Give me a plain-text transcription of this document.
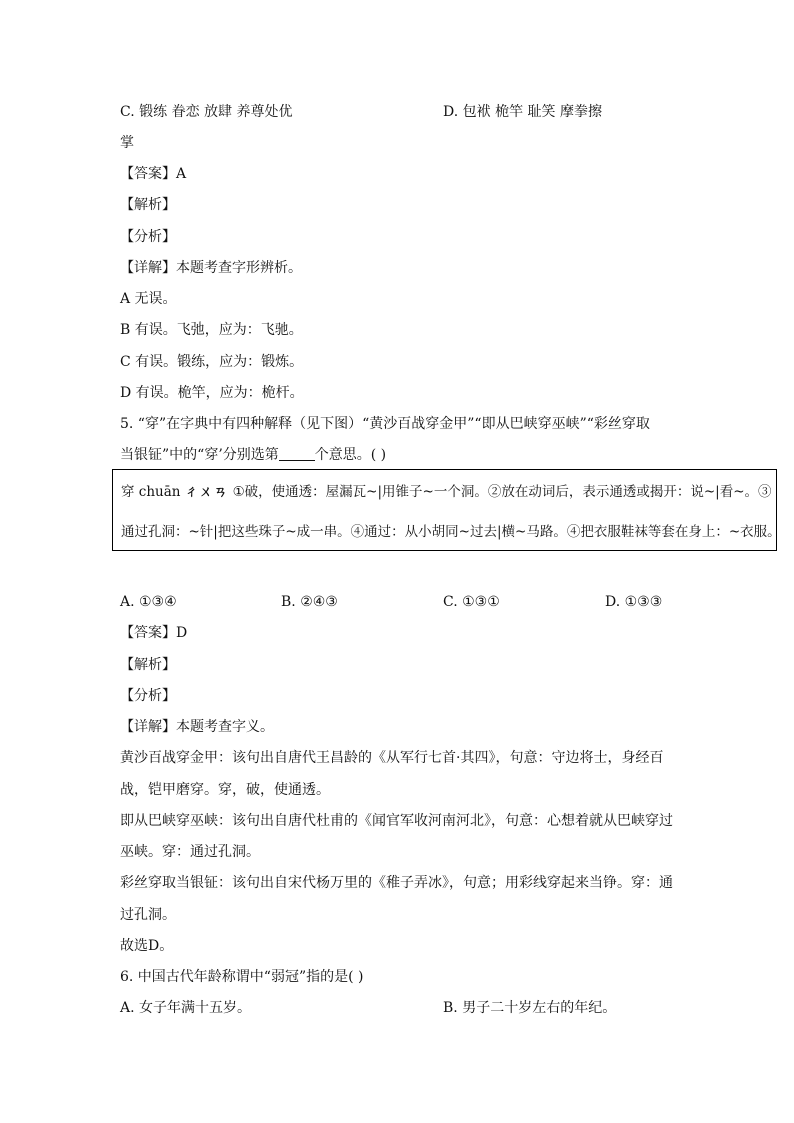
C. 锻练 眷恋 放肆 养尊处优	D. 包袱 桅竿 耻笑 摩拳擦
掌
【答案】A
【解析】
【分析】
【详解】本题考查字形辨析。
A 无误。
B 有误。飞弛，应为：飞驰。
C 有误。锻练，应为：锻炼。
D 有误。桅竿，应为：桅杆。
5. “穿”在字典中有四种解释（见下图）“黄沙百战穿金甲”“即从巴峡穿巫峡”“彩丝穿取
当银钲”中的“穿’分别选第	个意思。( )
穿 chuān ㄔㄨㄢ ①破，使通透：屋漏瓦~|用锥子~一个洞。②放在动词后，表示通透或揭开：说~|看~。③
通过孔洞：~针|把这些珠子~成一串。④通过：从小胡同~过去|横~马路。④把衣服鞋袜等套在身上：~衣服。
A. ①③④	B. ②④③	C. ①③①	D. ①③③
【答案】D
【解析】
【分析】
【详解】本题考查字义。
黄沙百战穿金甲：该句出自唐代王昌龄的《从军行七首·其四》，句意：守边将士，身经百
战，铠甲磨穿。穿，破，使通透。
即从巴峡穿巫峡：该句出自唐代杜甫的《闻官军收河南河北》，句意：心想着就从巴峡穿过
巫峡。穿：通过孔洞。
彩丝穿取当银钲：该句出自宋代杨万里的《稚子弄冰》，句意；用彩线穿起来当铮。穿：通
过孔洞。
故选D。
6. 中国古代年龄称谓中“弱冠”指的是( )
A. 女子年满十五岁。	B. 男子二十岁左右的年纪。
